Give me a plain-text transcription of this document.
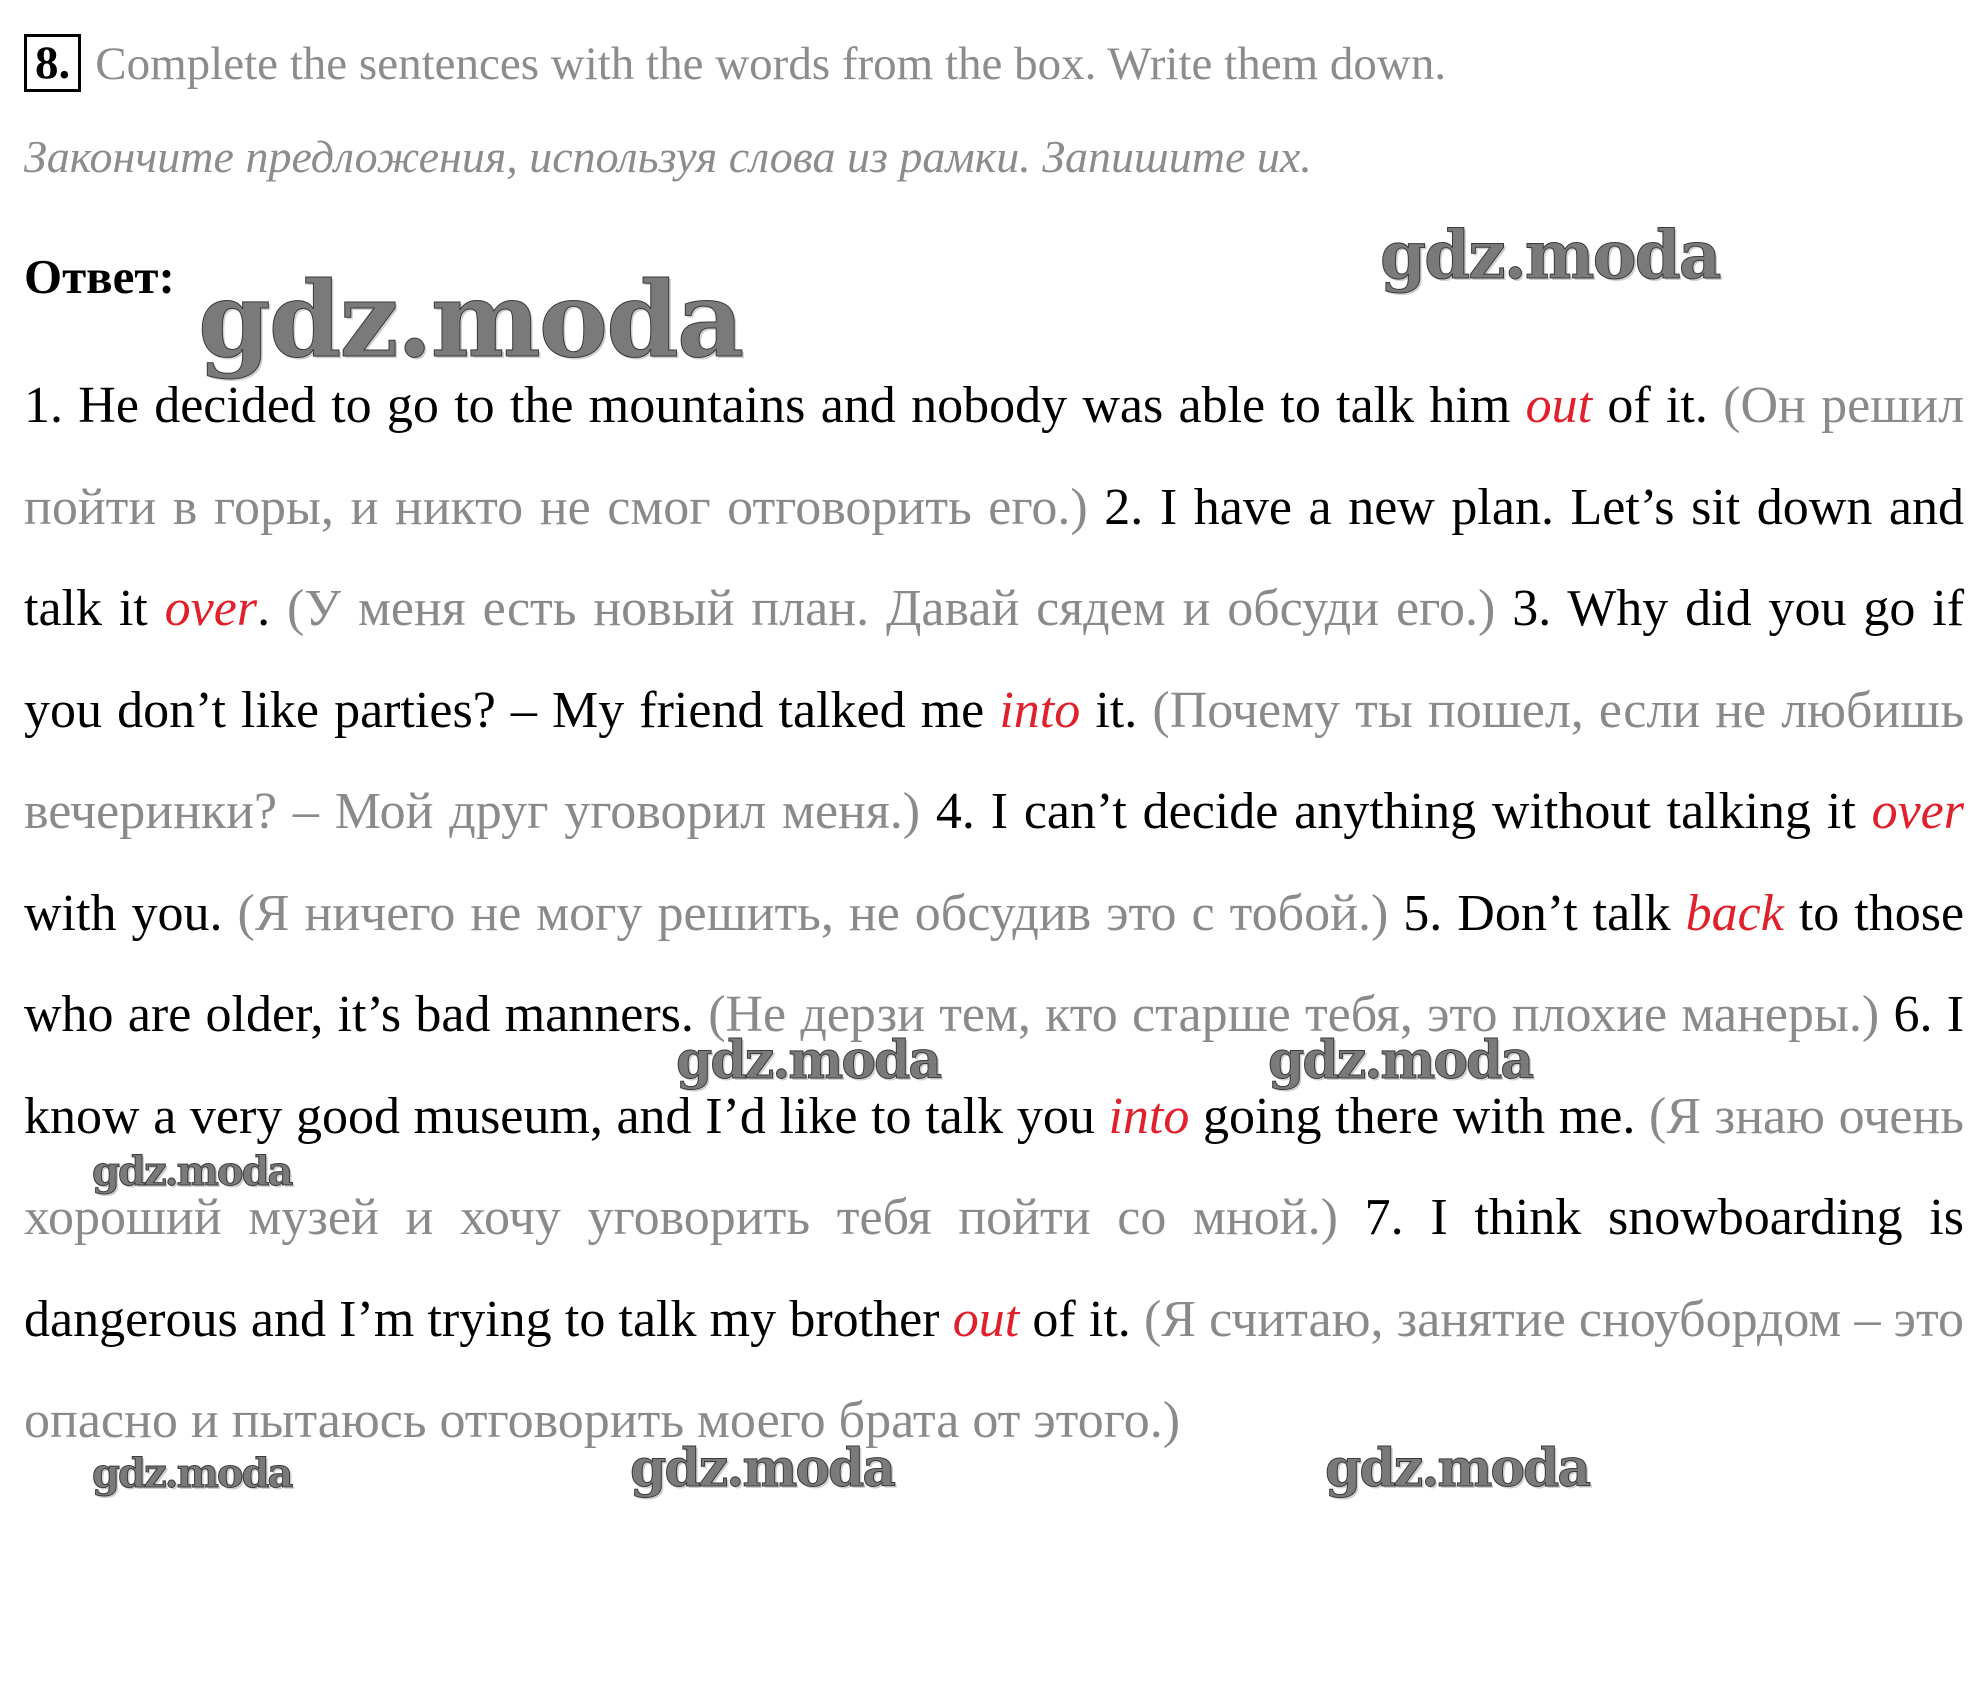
8. Complete the sentences with the words from the box. Write them down.
Закончите предложения, используя слова из рамки. Запишите их.
Ответ:
1. He decided to go to the mountains and nobody was able to talk him out of it. (Он решил пойти в горы, и никто не смог отговорить его.) 2. I have a new plan. Let’s sit down and talk it over. (У меня есть новый план. Давай сядем и обсуди его.) 3. Why did you go if you don’t like parties? – My friend talked me into it. (Почему ты пошел, если не любишь вечеринки? – Мой друг уговорил меня.) 4. I can’t decide anything without talking it over with you. (Я ничего не могу решить, не обсудив это с тобой.) 5. Don’t talk back to those who are older, it’s bad manners. (Не дерзи тем, кто старше тебя, это плохие манеры.) 6. I know a very good museum, and I’d like to talk you into going there with me. (Я знаю очень хороший музей и хочу уговорить тебя пойти со мной.) 7. I think snowboarding is dangerous and I’m trying to talk my brother out of it. (Я считаю, занятие сноубордом – это опасно и пытаюсь отговорить моего брата от этого.)
gdz.moda
gdz.moda
gdz.moda	gdz.moda
gdz.moda
gdz.moda	gdz.moda	gdz.moda
